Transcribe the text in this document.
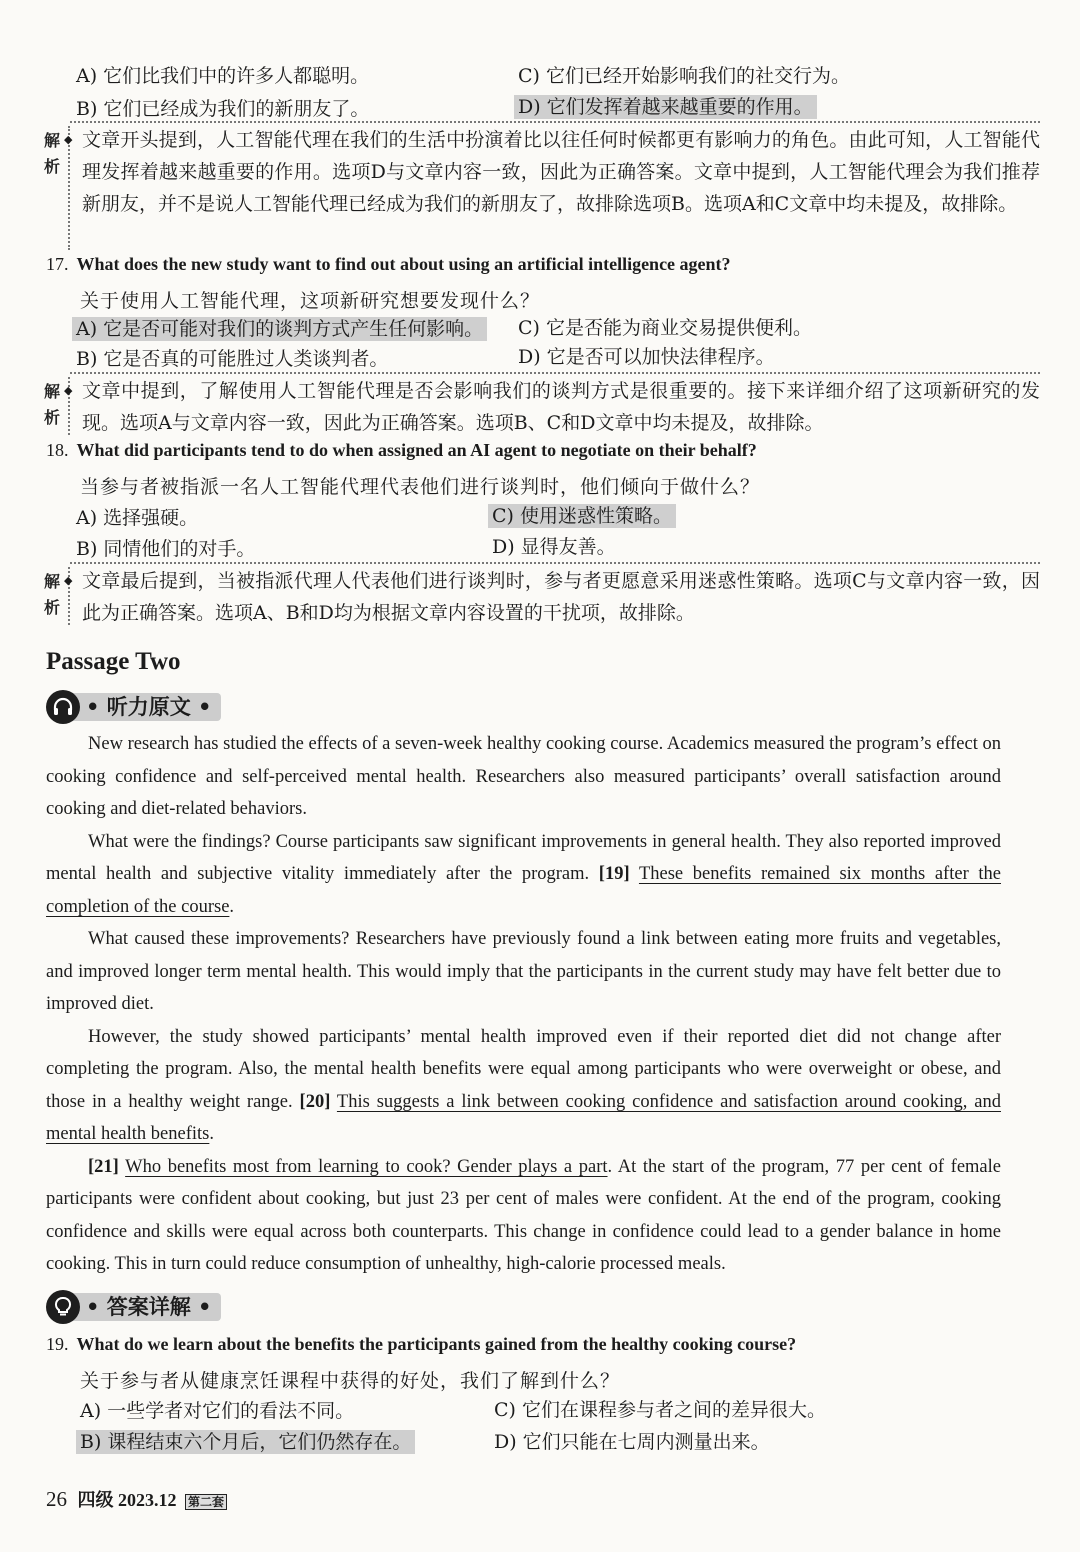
A) 它们比我们中的许多人都聪明。	C) 它们已经开始影响我们的社交行为。
B) 它们已经成为我们的新朋友了。	D) 它们发挥着越来越重要的作用。
解析
◆ 文章开头提到，人工智能代理在我们的生活中扮演着比以往任何时候都更有影响力的角色。由此可知，人工智能代理发挥着越来越重要的作用。选项D与文章内容一致，因此为正确答案。文章中提到，人工智能代理会为我们推荐新朋友，并不是说人工智能代理已经成为我们的新朋友了，故排除选项B。选项A和C文章中均未提及，故排除。
17. What does the new study want to find out about using an artificial intelligence agent?
关于使用人工智能代理，这项新研究想要发现什么？
A) 它是否可能对我们的谈判方式产生任何影响。 C) 它是否能为商业交易提供便利。
B) 它是否真的可能胜过人类谈判者。	D) 它是否可以加快法律程序。
解析
◆ 文章中提到，了解使用人工智能代理是否会影响我们的谈判方式是很重要的。接下来详细介绍了这项新研究的发现。选项A与文章内容一致，因此为正确答案。选项B、C和D文章中均未提及，故排除。
18. What did participants tend to do when assigned an AI agent to negotiate on their behalf?
当参与者被指派一名人工智能代理代表他们进行谈判时，他们倾向于做什么？
A) 选择强硬。	C) 使用迷惑性策略。
B) 同情他们的对手。	D) 显得友善。
解析
◆ 文章最后提到，当被指派代理人代表他们进行谈判时，参与者更愿意采用迷惑性策略。选项C与文章内容一致，因此为正确答案。选项A、B和D均为根据文章内容设置的干扰项，故排除。
Passage Two
• 听力原文 •

New research has studied the effects of a seven-week healthy cooking course. Academics measured the program’s effect on cooking confidence and self-perceived mental health. Researchers also measured participants’ overall satisfaction around cooking and diet-related behaviors.

What were the findings? Course participants saw significant improvements in general health. They also reported improved mental health and subjective vitality immediately after the program. [19] These benefits remained six months after the completion of the course.

What caused these improvements? Researchers have previously found a link between eating more fruits and vegetables, and improved longer term mental health. This would imply that the participants in the current study may have felt better due to improved diet.

However, the study showed participants’ mental health improved even if their reported diet did not change after completing the program. Also, the mental health benefits were equal among participants who were overweight or obese, and those in a healthy weight range. [20] This suggests a link between cooking confidence and satisfaction around cooking, and mental health benefits.

[21] Who benefits most from learning to cook? Gender plays a part. At the start of the program, 77 per cent of female participants were confident about cooking, but just 23 per cent of males were confident. At the end of the program, cooking confidence and skills were equal across both counterparts. This change in confidence could lead to a gender balance in home cooking. This in turn could reduce consumption of unhealthy, high-calorie processed meals.

• 答案详解 •
19. What do we learn about the benefits the participants gained from the healthy cooking course?
关于参与者从健康烹饪课程中获得的好处，我们了解到什么？
A) 一些学者对它们的看法不同。	C) 它们在课程参与者之间的差异很大。
B) 课程结束六个月后，它们仍然存在。	D) 它们只能在七周内测量出来。
26 四级 2023.12 第二套
